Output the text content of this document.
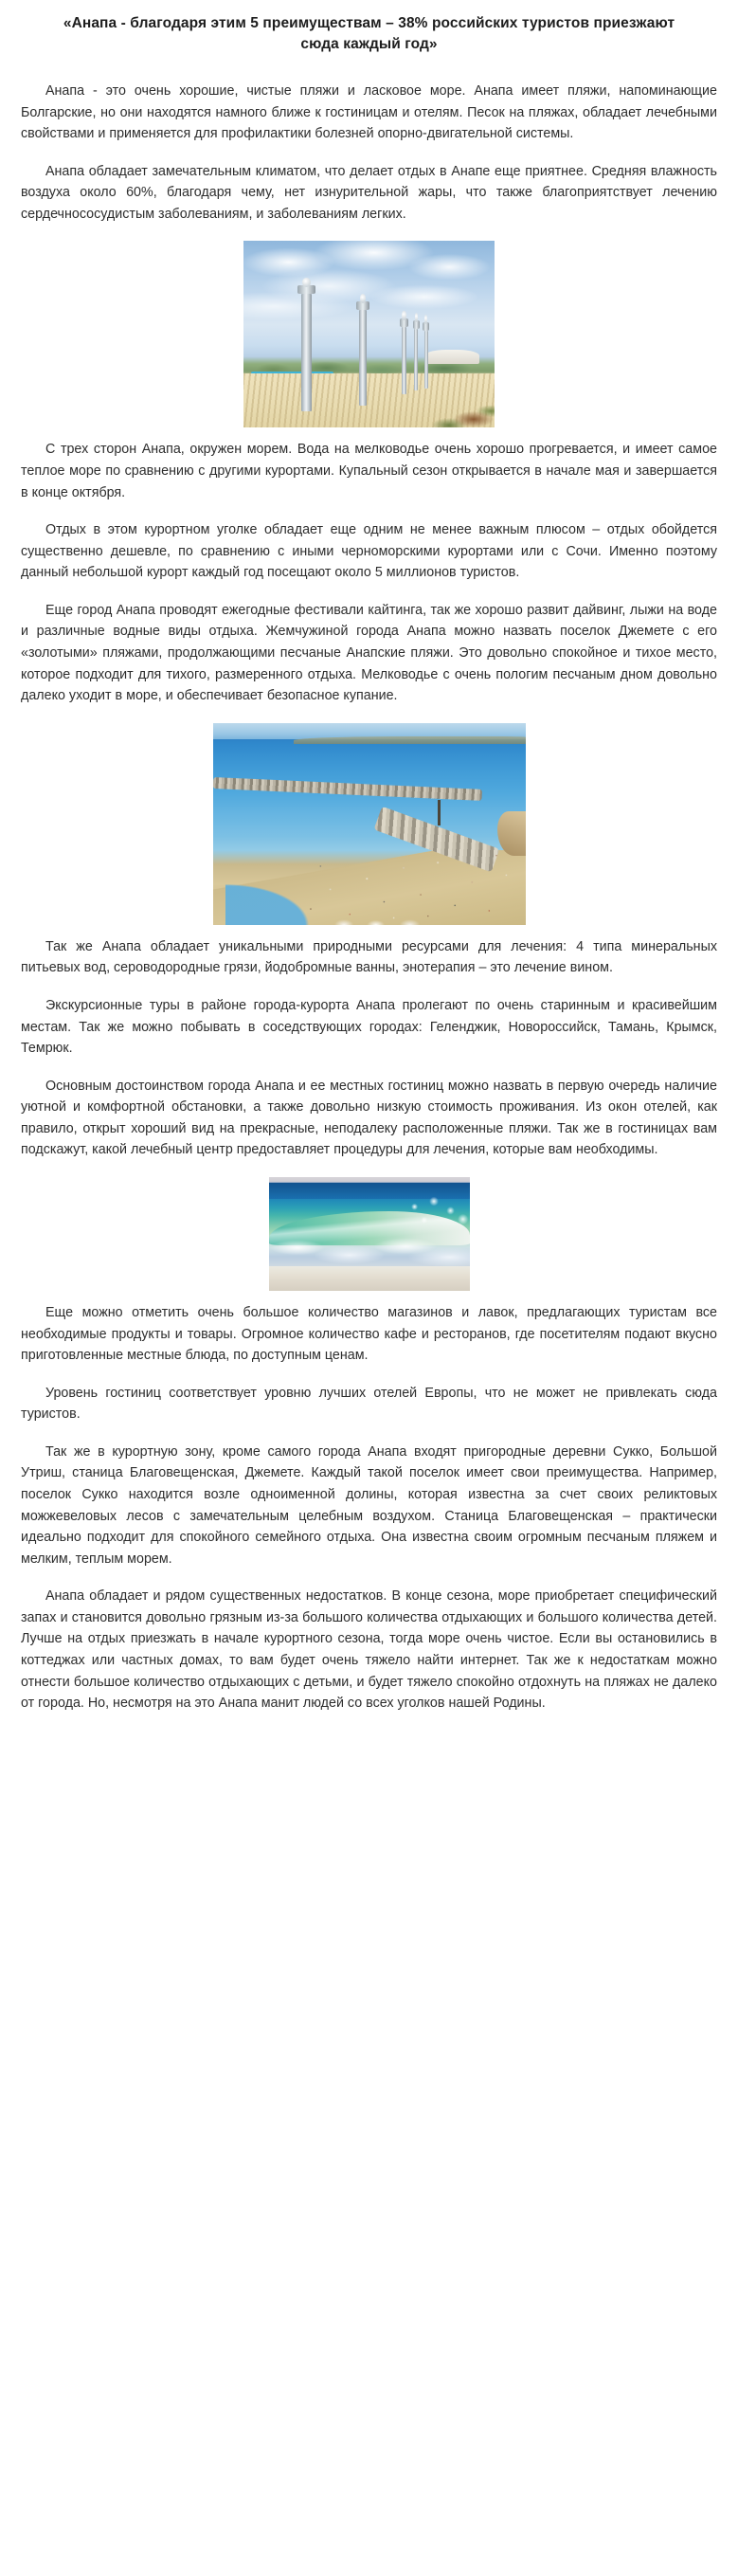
«Анапа - благодаря этим 5 преимуществам – 38% российских туристов приезжают сюда каждый год»

Анапа - это очень хорошие, чистые пляжи и ласковое море. Анапа имеет пляжи, напоминающие Болгарские, но они находятся намного ближе к гостиницам и отелям. Песок на пляжах, обладает лечебными свойствами и применяется для профилактики болезней опорно-двигательной системы.

Анапа обладает замечательным климатом, что делает отдых в Анапе еще приятнее. Средняя влажность воздуха около 60%, благодаря чему, нет изнурительной жары, что также благоприятствует лечению сердечнососудистым заболеваниям, и заболеваниям легких.

С трех сторон Анапа, окружен морем. Вода на мелководье очень хорошо прогревается, и имеет самое теплое море по сравнению с другими курортами. Купальный сезон открывается в начале мая и завершается в конце октября.

Отдых в этом курортном уголке обладает еще одним не менее важным плюсом – отдых обойдется существенно дешевле, по сравнению с иными черноморскими курортами или с Сочи. Именно поэтому данный небольшой курорт каждый год посещают около 5 миллионов туристов.

Еще город Анапа проводят ежегодные фестивали кайтинга, так же хорошо развит дайвинг, лыжи на воде и различные водные виды отдыха. Жемчужиной города Анапа можно назвать поселок Джемете с его «золотыми» пляжами, продолжающими песчаные Анапские пляжи. Это довольно спокойное и тихое место, которое подходит для тихого, размеренного отдыха. Мелководье с очень пологим песчаным дном довольно далеко уходит в море, и обеспечивает безопасное купание.

Так же Анапа обладает уникальными природными ресурсами для лечения: 4 типа минеральных питьевых вод, сероводородные грязи, йодобромные ванны, энотерапия – это лечение вином.

Экскурсионные туры в районе города-курорта Анапа пролегают по очень старинным и красивейшим местам. Так же можно побывать в соседствующих городах: Геленджик, Новороссийск, Тамань, Крымск, Темрюк.

Основным достоинством города Анапа и ее местных гостиниц можно назвать в первую очередь наличие уютной и комфортной обстановки, а также довольно низкую стоимость проживания. Из окон отелей, как правило, открыт хороший вид на прекрасные, неподалеку расположенные пляжи. Так же в гостиницах вам подскажут, какой лечебный центр предоставляет процедуры для лечения, которые вам необходимы.

Еще можно отметить очень большое количество магазинов и лавок, предлагающих туристам все необходимые продукты и товары. Огромное количество кафе и ресторанов, где посетителям подают вкусно приготовленные местные блюда, по доступным ценам.

Уровень гостиниц соответствует уровню лучших отелей Европы, что не может не привлекать сюда туристов.

Так же в курортную зону, кроме самого города Анапа входят пригородные деревни Сукко, Большой Утриш, станица Благовещенская, Джемете. Каждый такой поселок имеет свои преимущества. Например, поселок Сукко находится возле одноименной долины, которая известна за счет своих реликтовых можжевеловых лесов с замечательным целебным воздухом. Станица Благовещенская – практически идеально подходит для спокойного семейного отдыха. Она известна своим огромным песчаным пляжем и мелким, теплым морем.

Анапа обладает и рядом существенных недостатков. В конце сезона, море приобретает специфический запах и становится довольно грязным из-за большого количества отдыхающих и большого количества детей. Лучше на отдых приезжать в начале курортного сезона, тогда море очень чистое. Если вы остановились в коттеджах или частных домах, то вам будет очень тяжело найти интернет. Так же к недостаткам можно отнести большое количество отдыхающих с детьми, и будет тяжело спокойно отдохнуть на пляжах не далеко от города. Но, несмотря на это Анапа манит людей со всех уголков нашей Родины.
